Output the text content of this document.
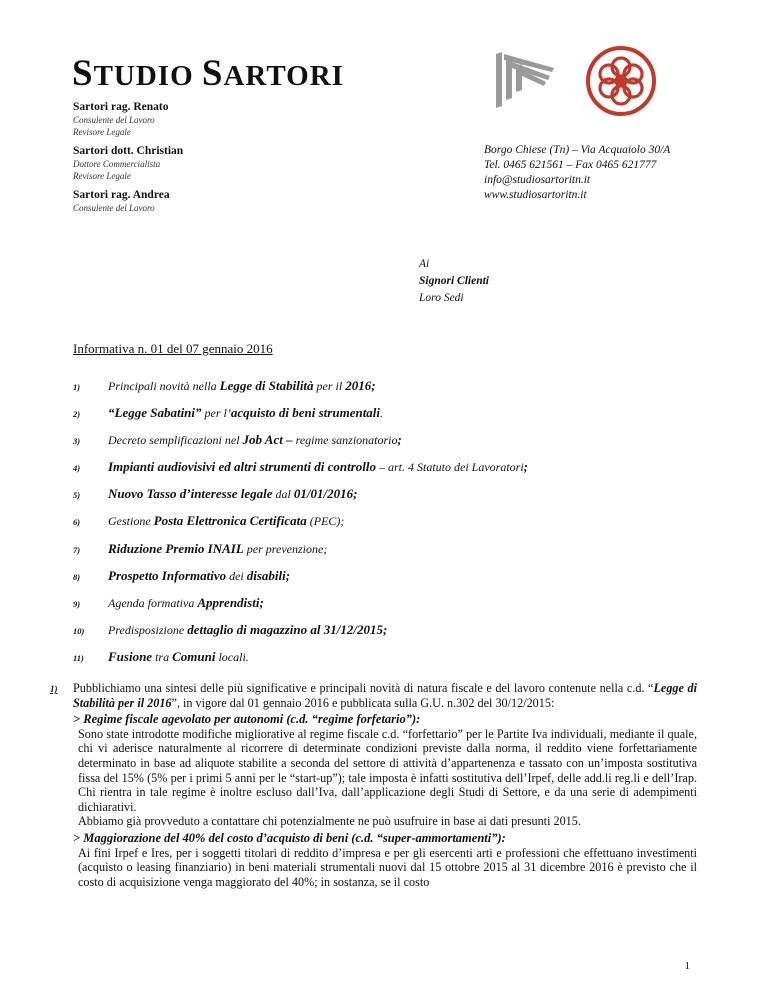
STUDIO SARTORI
Sartori rag. Renato
Consulente del Lavoro
Revisore Legale
Sartori dott. Christian
Dottore Commercialista
Revisore Legale
Sartori rag. Andrea
Consulente del Lavoro
Borgo Chiese (Tn) – Via Acquaiolo 30/A
Tel. 0465 621561 – Fax 0465 621777
info@studiosartoritn.it
www.studiosartoritn.it
Ai
Signori Clienti
Loro Sedi
Informativa n. 01 del 07 gennaio 2016
1) Principali novità nella Legge di Stabilità per il 2016;
2) “Legge Sabatini” per l’acquisto di beni strumentali.
3) Decreto semplificazioni nel Job Act – regime sanzionatorio;
4) Impianti audiovisivi ed altri strumenti di controllo – art. 4 Statuto dei Lavoratori;
5) Nuovo Tasso d’interesse legale dal 01/01/2016;
6) Gestione Posta Elettronica Certificata (PEC);
7) Riduzione Premio INAIL per prevenzione;
8) Prospetto Informativo dei disabili;
9) Agenda formativa Apprendisti;
10) Predisposizione dettaglio di magazzino al 31/12/2015;
11) Fusione tra Comuni locali.
1) Pubblichiamo una sintesi delle più significative e principali novità di natura fiscale e del lavoro contenute nella c.d. “Legge di Stabilità per il 2016”, in vigore dal 01 gennaio 2016 e pubblicata sulla G.U. n.302 del 30/12/2015:
> Regime fiscale agevolato per autonomi (c.d. “regime forfetario”):
Sono state introdotte modifiche migliorative al regime fiscale c.d. “forfettario” per le Partite Iva individuali, mediante il quale, chi vi aderisce naturalmente al ricorrere di determinate condizioni previste dalla norma, il reddito viene forfettariamente determinato in base ad aliquote stabilite a seconda del settore di attività d’appartenenza e tassato con un’imposta sostitutiva fissa del 15% (5% per i primi 5 anni per le “start-up”); tale imposta è infatti sostitutiva dell’Irpef, delle add.li reg.li e dell’Irap. Chi rientra in tale regime è inoltre escluso dall’Iva, dall’applicazione degli Studi di Settore, e da una serie di adempimenti dichiarativi.
Abbiamo già provveduto a contattare chi potenzialmente ne può usufruire in base ai dati presunti 2015.
> Maggiorazione del 40% del costo d’acquisto di beni (c.d. “super-ammortamenti”):
Ai fini Irpef e Ires, per i soggetti titolari di reddito d’impresa e per gli esercenti arti e professioni che effettuano investimenti (acquisto o leasing finanziario) in beni materiali strumentali nuovi dal 15 ottobre 2015 al 31 dicembre 2016 è previsto che il costo di acquisizione venga maggiorato del 40%; in sostanza, se il costo
1
